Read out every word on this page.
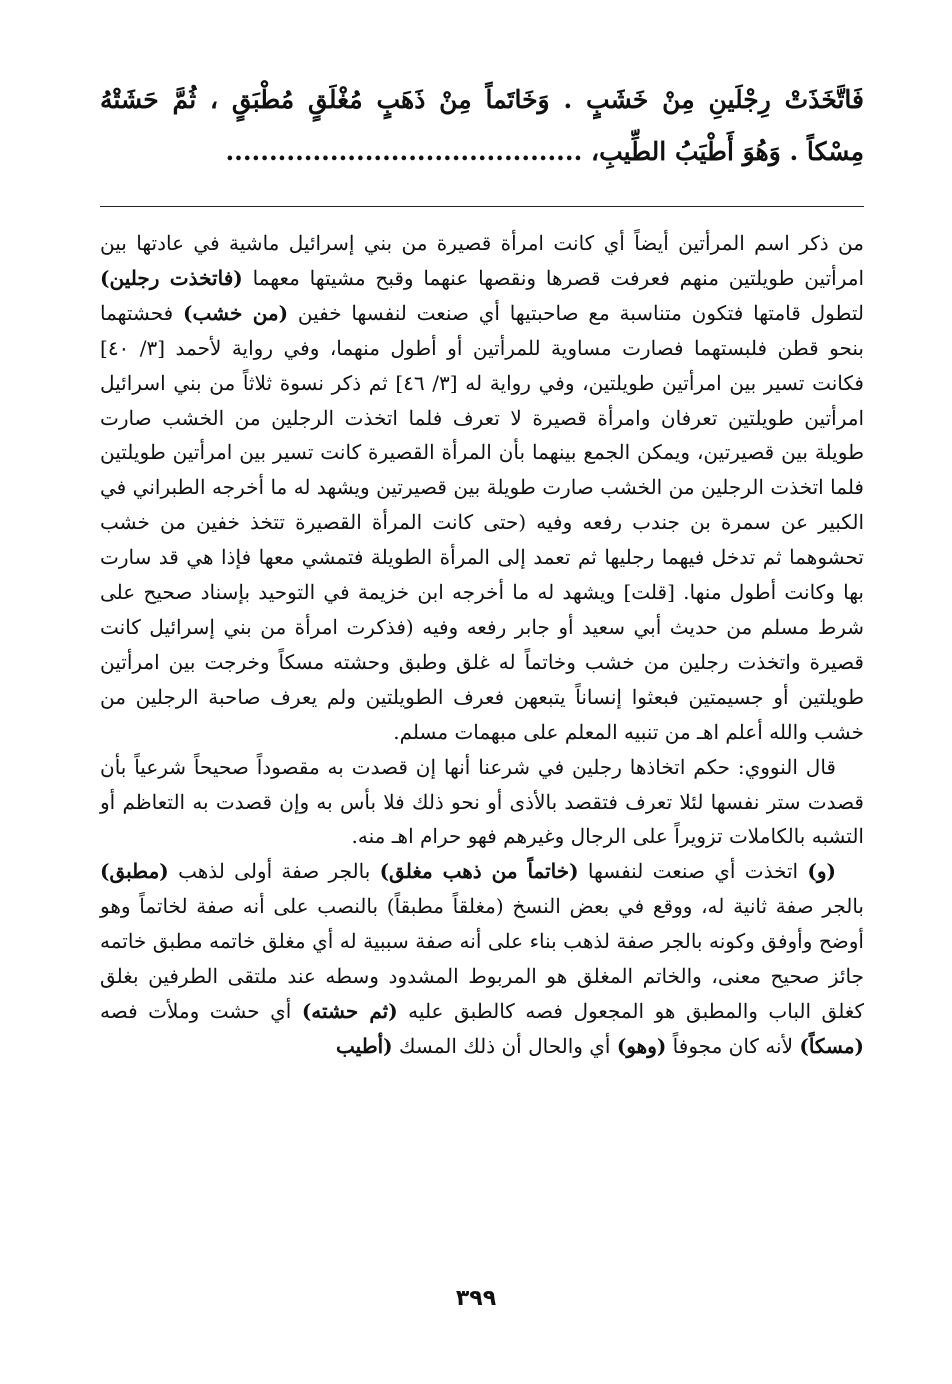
فَاتَّخَذَتْ رِجْلَينِ مِنْ خَشَبٍ . وَخَاتَماً مِنْ ذَهَبٍ مُغْلَقٍ مُطْبَقٍ ، ثُمَّ حَشَتْهُ مِسْكاً . وَهُوَ أَطْيَبُ الطِّيبِ، .........................................

من ذكر اسم المرأتين أيضاً أي كانت امرأة قصيرة من بني إسرائيل ماشية في عادتها بين امرأتين طويلتين منهم فعرفت قصرها ونقصها عنهما وقبح مشيتها معهما (فاتخذت رجلين) لتطول قامتها فتكون متناسبة مع صاحبتيها أي صنعت لنفسها خفين (من خشب) فحشتهما بنحو قطن فلبستهما فصارت مساوية للمرأتين أو أطول منهما، وفي رواية لأحمد [٣/ ٤٠] فكانت تسير بين امرأتين طويلتين، وفي رواية له [٣/ ٤٦] ثم ذكر نسوة ثلاثاً من بني اسرائيل امرأتين طويلتين تعرفان وامرأة قصيرة لا تعرف فلما اتخذت الرجلين من الخشب صارت طويلة بين قصيرتين، ويمكن الجمع بينهما بأن المرأة القصيرة كانت تسير بين امرأتين طويلتين فلما اتخذت الرجلين من الخشب صارت طويلة بين قصيرتين ويشهد له ما أخرجه الطبراني في الكبير عن سمرة بن جندب رفعه وفيه (حتى كانت المرأة القصيرة تتخذ خفين من خشب تحشوهما ثم تدخل فيهما رجليها ثم تعمد إلى المرأة الطويلة فتمشي معها فإذا هي قد سارت بها وكانت أطول منها. [قلت] ويشهد له ما أخرجه ابن خزيمة في التوحيد بإسناد صحيح على شرط مسلم من حديث أبي سعيد أو جابر رفعه وفيه (فذكرت امرأة من بني إسرائيل كانت قصيرة واتخذت رجلين من خشب وخاتماً له غلق وطبق وحشته مسكاً وخرجت بين امرأتين طويلتين أو جسيمتين فبعثوا إنساناً يتبعهن فعرف الطويلتين ولم يعرف صاحبة الرجلين من خشب والله أعلم اهـ من تنبيه المعلم على مبهمات مسلم.

قال النووي: حكم اتخاذها رجلين في شرعنا أنها إن قصدت به مقصوداً صحيحاً شرعياً بأن قصدت ستر نفسها لئلا تعرف فتقصد بالأذى أو نحو ذلك فلا بأس به وإن قصدت به التعاظم أو التشبه بالكاملات تزويراً على الرجال وغيرهم فهو حرام اهـ منه.

(و) اتخذت أي صنعت لنفسها (خاتماً من ذهب مغلق) بالجر صفة أولى لذهب (مطبق) بالجر صفة ثانية له، ووقع في بعض النسخ (مغلقاً مطبقاً) بالنصب على أنه صفة لخاتماً وهو أوضح وأوفق وكونه بالجر صفة لذهب بناء على أنه صفة سببية له أي مغلق خاتمه مطبق خاتمه جائز صحيح معنى، والخاتم المغلق هو المربوط المشدود وسطه عند ملتقى الطرفين بغلق كغلق الباب والمطبق هو المجعول فصه كالطبق عليه (ثم حشته) أي حشت وملأت فصه (مسكاً) لأنه كان مجوفاً (وهو) أي والحال أن ذلك المسك (أطيب

٣٩٩
